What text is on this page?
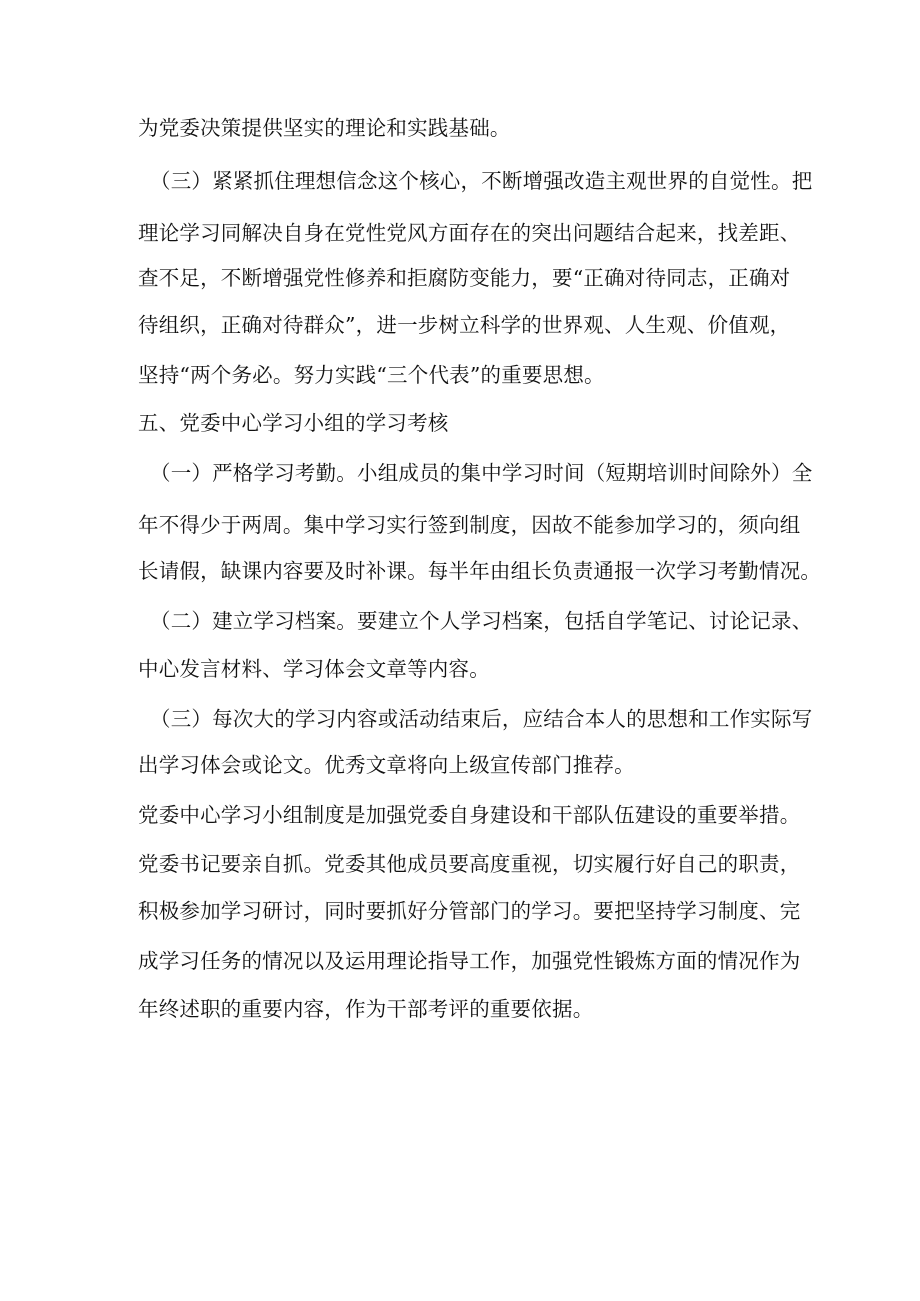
为党委决策提供坚实的理论和实践基础。
（三）紧紧抓住理想信念这个核心，不断增强改造主观世界的自觉性。把
理论学习同解决自身在党性党风方面存在的突出问题结合起来，找差距、
查不足，不断增强党性修养和拒腐防变能力，要“正确对待同志，正确对
待组织，正确对待群众”，进一步树立科学的世界观、人生观、价值观，
坚持“两个务必。努力实践“三个代表”的重要思想。
五、党委中心学习小组的学习考核
（一）严格学习考勤。小组成员的集中学习时间（短期培训时间除外）全
年不得少于两周。集中学习实行签到制度，因故不能参加学习的，须向组
长请假，缺课内容要及时补课。每半年由组长负责通报一次学习考勤情况。
（二）建立学习档案。要建立个人学习档案，包括自学笔记、讨论记录、
中心发言材料、学习体会文章等内容。
（三）每次大的学习内容或活动结束后，应结合本人的思想和工作实际写
出学习体会或论文。优秀文章将向上级宣传部门推荐。
党委中心学习小组制度是加强党委自身建设和干部队伍建设的重要举措。
党委书记要亲自抓。党委其他成员要高度重视，切实履行好自己的职责，
积极参加学习研讨，同时要抓好分管部门的学习。要把坚持学习制度、完
成学习任务的情况以及运用理论指导工作，加强党性锻炼方面的情况作为
年终述职的重要内容，作为干部考评的重要依据。
